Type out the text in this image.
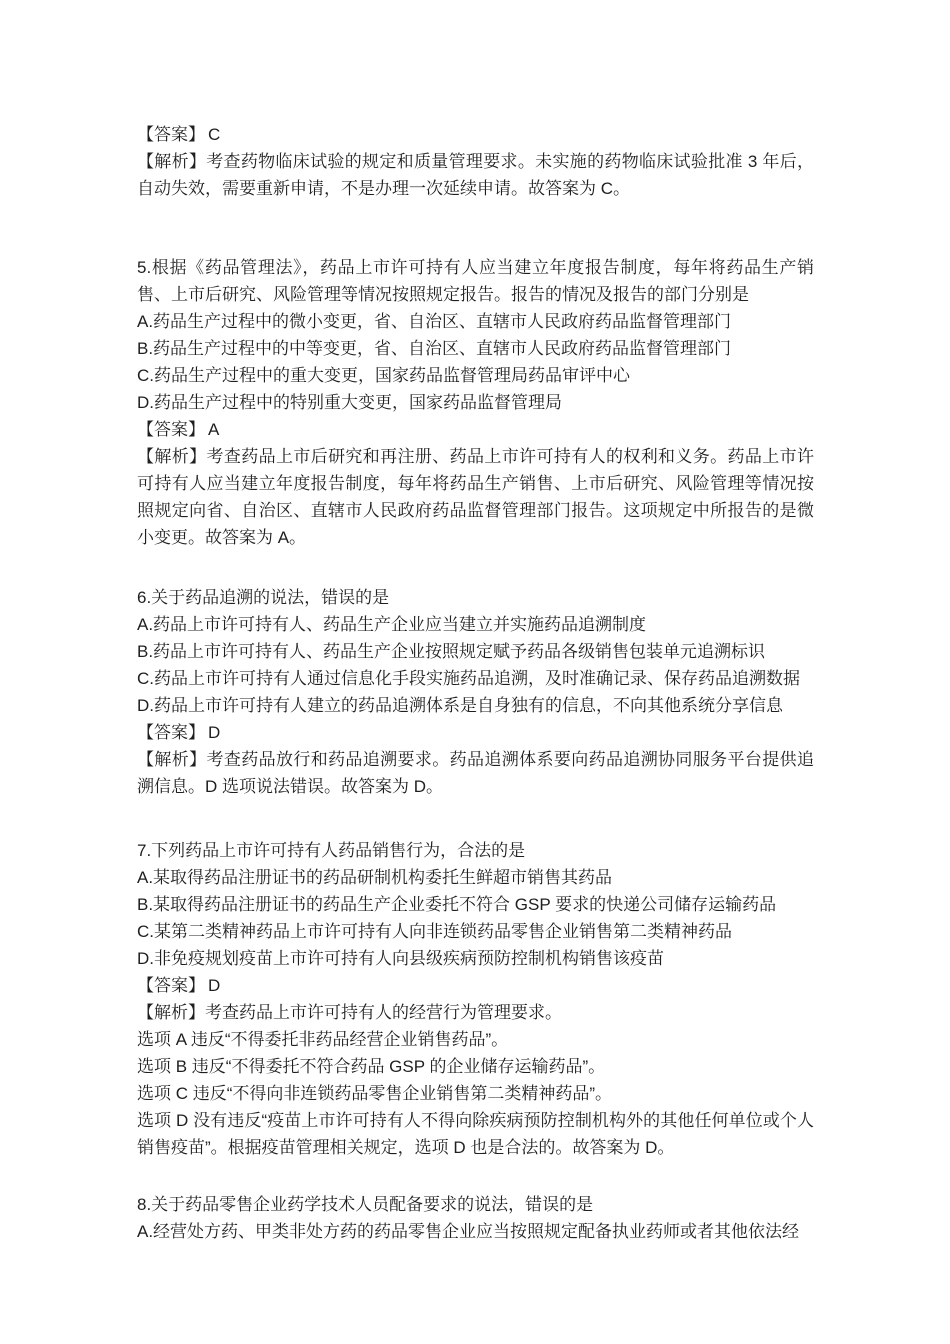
【答案】 C

【解析】考查药物临床试验的规定和质量管理要求。未实施的药物临床试验批准 3 年后，自动失效，需要重新申请，不是办理一次延续申请。故答案为 C。

5.根据《药品管理法》，药品上市许可持有人应当建立年度报告制度，每年将药品生产销售、上市后研究、风险管理等情况按照规定报告。报告的情况及报告的部门分别是

A.药品生产过程中的微小变更，省、自治区、直辖市人民政府药品监督管理部门

B.药品生产过程中的中等变更，省、自治区、直辖市人民政府药品监督管理部门

C.药品生产过程中的重大变更，国家药品监督管理局药品审评中心

D.药品生产过程中的特别重大变更，国家药品监督管理局

【答案】 A

【解析】考查药品上市后研究和再注册、药品上市许可持有人的权利和义务。药品上市许可持有人应当建立年度报告制度，每年将药品生产销售、上市后研究、风险管理等情况按照规定向省、自治区、直辖市人民政府药品监督管理部门报告。这项规定中所报告的是微小变更。故答案为 A。

6.关于药品追溯的说法，错误的是

A.药品上市许可持有人、药品生产企业应当建立并实施药品追溯制度

B.药品上市许可持有人、药品生产企业按照规定赋予药品各级销售包装单元追溯标识

C.药品上市许可持有人通过信息化手段实施药品追溯，及时准确记录、保存药品追溯数据

D.药品上市许可持有人建立的药品追溯体系是自身独有的信息，不向其他系统分享信息

【答案】 D

【解析】考查药品放行和药品追溯要求。药品追溯体系要向药品追溯协同服务平台提供追溯信息。D 选项说法错误。故答案为 D。

7.下列药品上市许可持有人药品销售行为，合法的是

A.某取得药品注册证书的药品研制机构委托生鲜超市销售其药品

B.某取得药品注册证书的药品生产企业委托不符合 GSP 要求的快递公司储存运输药品

C.某第二类精神药品上市许可持有人向非连锁药品零售企业销售第二类精神药品

D.非免疫规划疫苗上市许可持有人向县级疾病预防控制机构销售该疫苗

【答案】 D

【解析】考查药品上市许可持有人的经营行为管理要求。

选项 A 违反“不得委托非药品经营企业销售药品”。

选项 B 违反“不得委托不符合药品 GSP 的企业储存运输药品”。

选项 C 违反“不得向非连锁药品零售企业销售第二类精神药品”。

选项 D 没有违反“疫苗上市许可持有人不得向除疾病预防控制机构外的其他任何单位或个人销售疫苗”。根据疫苗管理相关规定，选项 D 也是合法的。故答案为 D。

8.关于药品零售企业药学技术人员配备要求的说法，错误的是

A.经营处方药、甲类非处方药的药品零售企业应当按照规定配备执业药师或者其他依法经
